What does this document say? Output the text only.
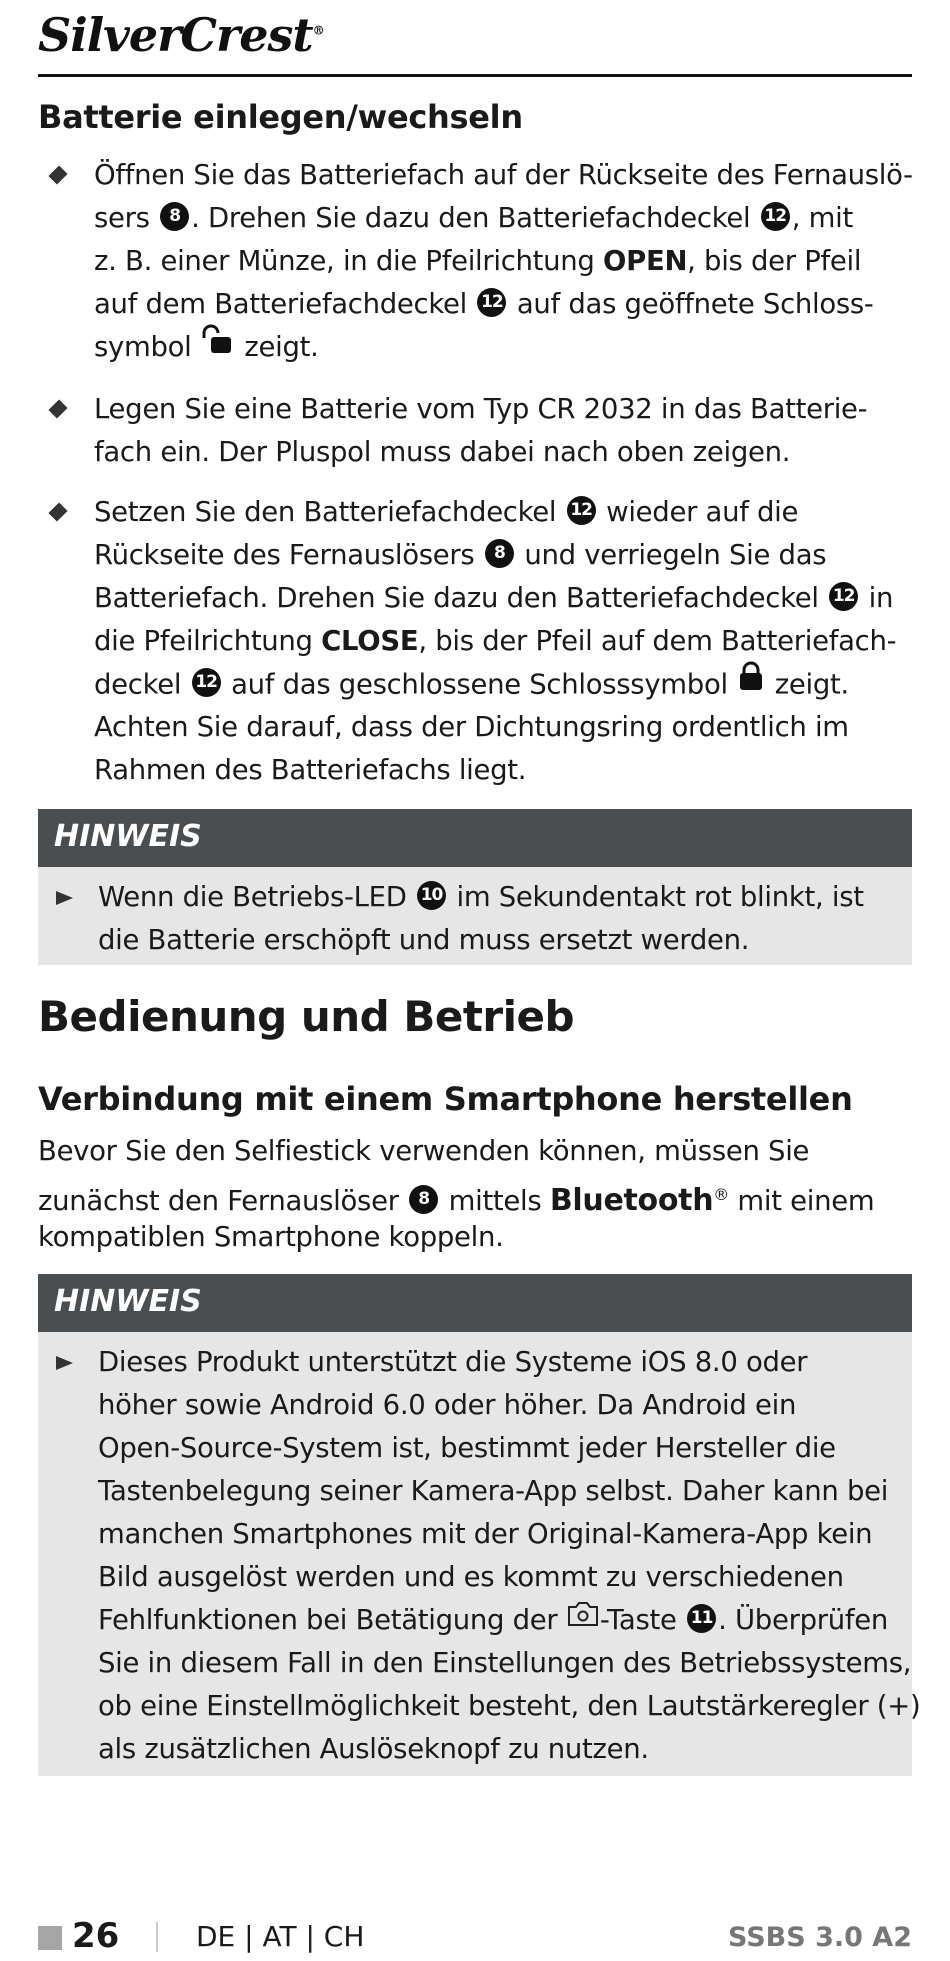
SilverCrest®
Batterie einlegen/wechseln
Öffnen Sie das Batteriefach auf der Rückseite des Fernauslö-
sers 8 . Drehen Sie dazu den Batteriefachdeckel 12 , mit
z. B. einer Münze, in die Pfeilrichtung OPEN, bis der Pfeil
auf dem Batteriefachdeckel 12 auf das geöffnete Schloss-
symbol zeigt.
Legen Sie eine Batterie vom Typ CR 2032 in das Batterie-
fach ein. Der Pluspol muss dabei nach oben zeigen.
Setzen Sie den Batteriefachdeckel 12 wieder auf die
Rückseite des Fernauslösers 8 und verriegeln Sie das
Batteriefach. Drehen Sie dazu den Batteriefachdeckel 12 in
die Pfeilrichtung CLOSE, bis der Pfeil auf dem Batteriefach-
deckel 12 auf das geschlossene Schlosssymbol zeigt.
Achten Sie darauf, dass der Dichtungsring ordentlich im
Rahmen des Batteriefachs liegt.
HINWEIS
Wenn die Betriebs-LED 10 im Sekundentakt rot blinkt, ist
die Batterie erschöpft und muss ersetzt werden.
Bedienung und Betrieb
Verbindung mit einem Smartphone herstellen
Bevor Sie den Selfiestick verwenden können, müssen Sie
zunächst den Fernauslöser 8 mittels Bluetooth® mit einem
kompatiblen Smartphone koppeln.
HINWEIS
Dieses Produkt unterstützt die Systeme iOS 8.0 oder
höher sowie Android 6.0 oder höher. Da Android ein
Open-Source-System ist, bestimmt jeder Hersteller die
Tastenbelegung seiner Kamera-App selbst. Daher kann bei
manchen Smartphones mit der Original-Kamera-App kein
Bild ausgelöst werden und es kommt zu verschiedenen
Fehlfunktionen bei Betätigung der -Taste 11 . Überprüfen
Sie in diesem Fall in den Einstellungen des Betriebssystems,
ob eine Einstellmöglichkeit besteht, den Lautstärkeregler (+)
als zusätzlichen Auslöseknopf zu nutzen.
26	DE | AT | CH	SSBS 3.0 A2
